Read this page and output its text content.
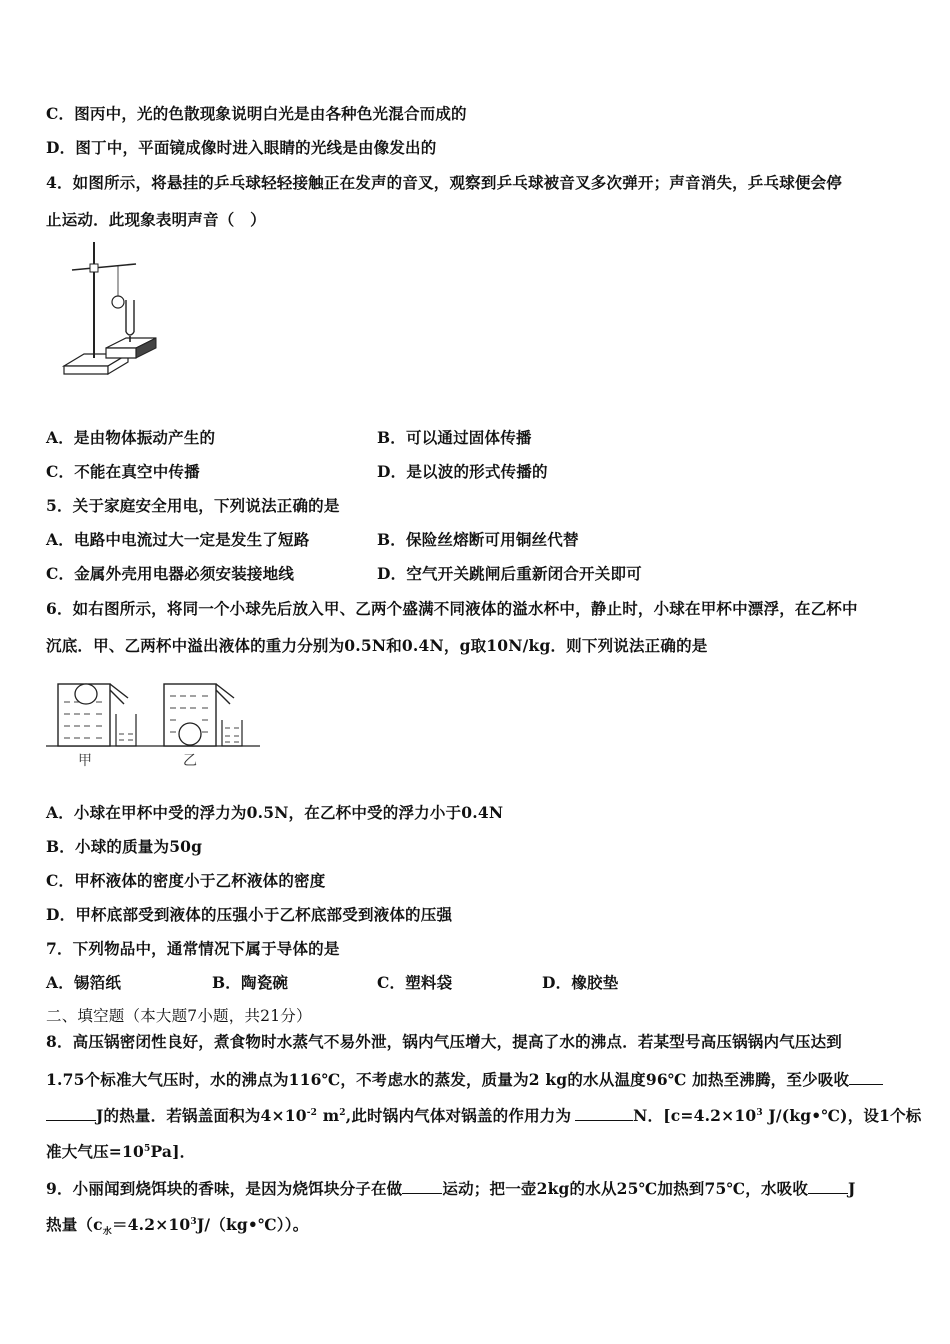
C．图丙中，光的色散现象说明白光是由各种色光混合而成的
D．图丁中，平面镜成像时进入眼睛的光线是由像发出的
4．如图所示，将悬挂的乒乓球轻轻接触正在发声的音叉，观察到乒乓球被音叉多次弹开；声音消失，乒乓球便会停
止运动．此现象表明声音（　）
A．是由物体振动产生的	B．可以通过固体传播
C．不能在真空中传播	D．是以波的形式传播的
5．关于家庭安全用电，下列说法正确的是
A．电路中电流过大一定是发生了短路	B．保险丝熔断可用铜丝代替
C．金属外壳用电器必须安装接地线	D．空气开关跳闸后重新闭合开关即可
6．如右图所示，将同一个小球先后放入甲、乙两个盛满不同液体的溢水杯中，静止时，小球在甲杯中漂浮，在乙杯中
沉底．甲、乙两杯中溢出液体的重力分别为0.5N和0.4N，g取10N/kg．则下列说法正确的是
甲	乙
A．小球在甲杯中受的浮力为0.5N，在乙杯中受的浮力小于0.4N
B．小球的质量为50g
C．甲杯液体的密度小于乙杯液体的密度
D．甲杯底部受到液体的压强小于乙杯底部受到液体的压强
7．下列物品中，通常情况下属于导体的是
A．锡箔纸	B．陶瓷碗	C．塑料袋	D．橡胶垫
二、填空题（本大题7小题，共21分）
8．高压锅密闭性良好，煮食物时水蒸气不易外泄，锅内气压增大，提高了水的沸点．若某型号高压锅锅内气压达到
1.75个标准大气压时，水的沸点为116℃，不考虑水的蒸发，质量为2 kg的水从温度96℃ 加热至沸腾，至少吸收
J的热量．若锅盖面积为$4\times 10^{-2}$ $m^2$,此时锅内气体对锅盖的作用力为	N．[$c=4.2\times 10^3$ J/(kg•℃)，设1个标
准大气压$=10^5Pa$]．
9．小丽闻到烧饵块的香味，是因为烧饵块分子在做	运动；把一壶2kg的水从25℃加热到75℃，水吸收	J
热量$(c_水=4.2\times 10^3J/(kg•℃))$。
